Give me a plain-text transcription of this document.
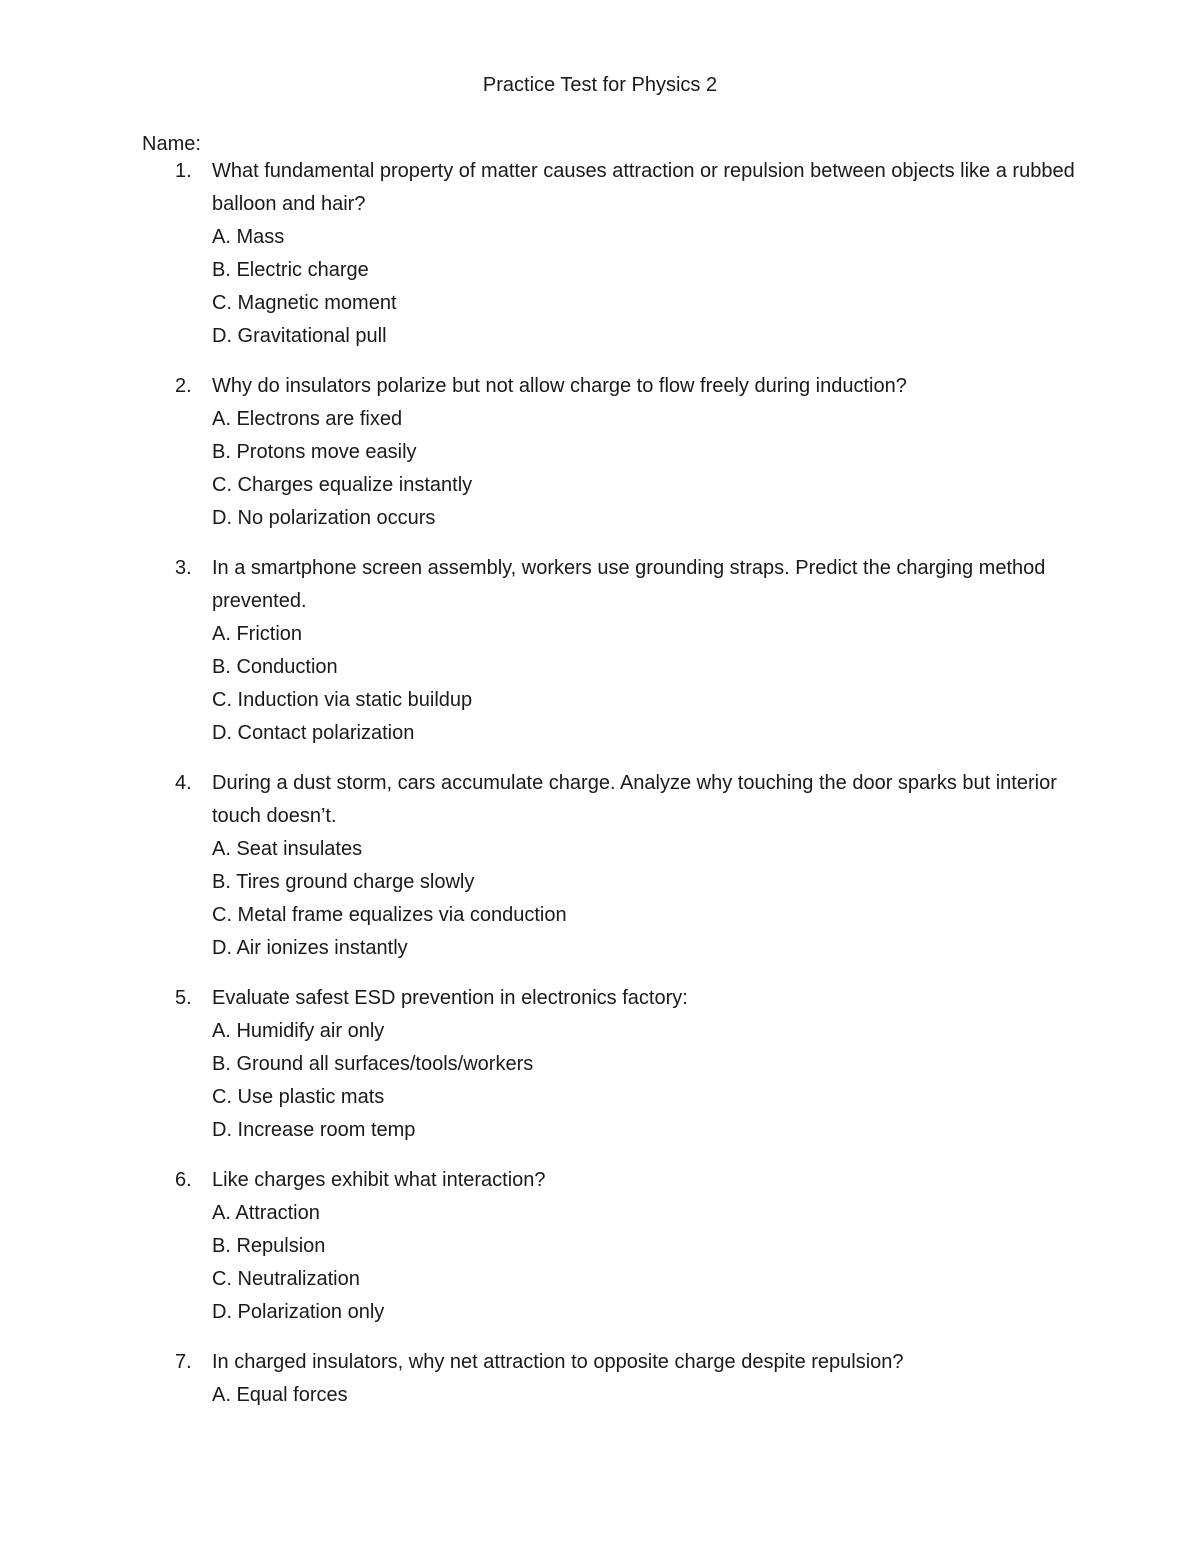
Practice Test for Physics 2
Name:
1. What fundamental property of matter causes attraction or repulsion between objects like a rubbed balloon and hair?
A. Mass
B. Electric charge
C. Magnetic moment
D. Gravitational pull
2. Why do insulators polarize but not allow charge to flow freely during induction?
A. Electrons are fixed
B. Protons move easily
C. Charges equalize instantly
D. No polarization occurs
3. In a smartphone screen assembly, workers use grounding straps. Predict the charging method prevented.
A. Friction
B. Conduction
C. Induction via static buildup
D. Contact polarization
4. During a dust storm, cars accumulate charge. Analyze why touching the door sparks but interior touch doesn’t.
A. Seat insulates
B. Tires ground charge slowly
C. Metal frame equalizes via conduction
D. Air ionizes instantly
5. Evaluate safest ESD prevention in electronics factory:
A. Humidify air only
B. Ground all surfaces/tools/workers
C. Use plastic mats
D. Increase room temp
6. Like charges exhibit what interaction?
A. Attraction
B. Repulsion
C. Neutralization
D. Polarization only
7. In charged insulators, why net attraction to opposite charge despite repulsion?
A. Equal forces
